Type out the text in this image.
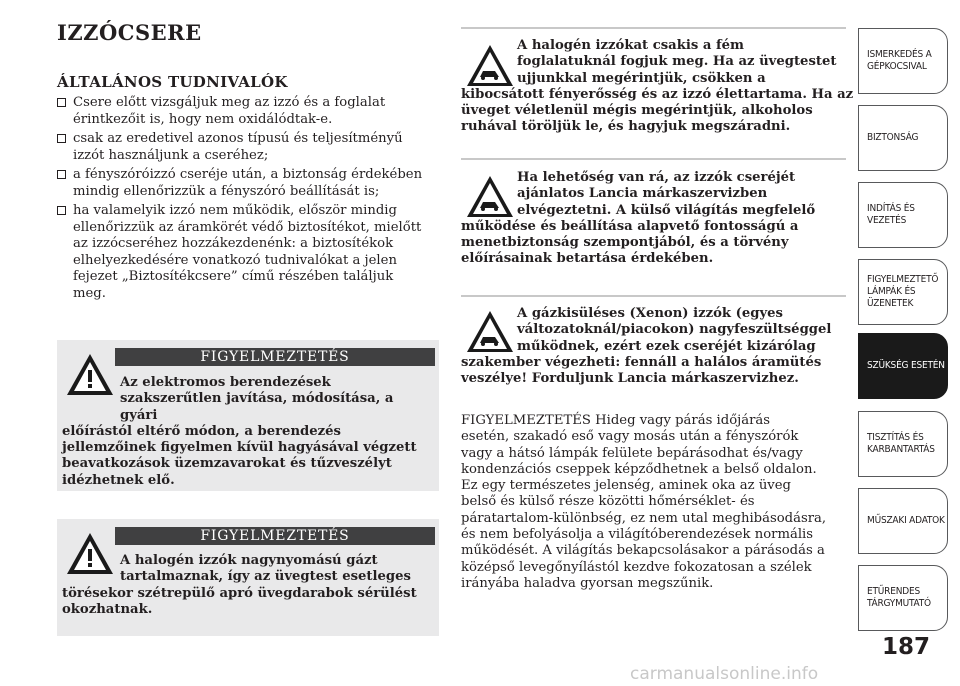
IZZÓCSERE
ÁLTALÁNOS TUDNIVALÓK
Csere előtt vizsgáljuk meg az izzó és a foglalat
érintkezőit is, hogy nem oxidálódtak-e.
csak az eredetivel azonos típusú és teljesítményű
izzót használjunk a cseréhez;
a fényszóróizzó cseréje után, a biztonság érdekében
mindig ellenőrizzük a fényszóró beállítását is;
ha valamelyik izzó nem működik, először mindig
ellenőrizzük az áramkörét védő biztosítékot, mielőtt
az izzócseréhez hozzákezdenénk: a biztosítékok
elhelyezkedésére vonatkozó tudnivalókat a jelen
fejezet „Biztosítékcsere” című részében találjuk
meg.
FIGYELMEZTETÉS
Az elektromos berendezések
szakszerűtlen javítása, módosítása, a gyári
előírástól eltérő módon, a berendezés
jellemzőinek figyelmen kívül hagyásával végzett
beavatkozások üzemzavarokat és tűzveszélyt
idézhetnek elő.
FIGYELMEZTETÉS
A halogén izzók nagynyomású gázt
tartalmaznak, így az üvegtest esetleges
törésekor szétrepülő apró üvegdarabok sérülést
okozhatnak.
A halogén izzókat csakis a fém
foglalatuknál fogjuk meg. Ha az üvegtestet
ujjunkkal megérintjük, csökken a
kibocsátott fényerősség és az izzó élettartama. Ha az
üveget véletlenül mégis megérintjük, alkoholos
ruhával töröljük le, és hagyjuk megszáradni.
Ha lehetőség van rá, az izzók cseréjét
ajánlatos Lancia márkaszervizben
elvégeztetni. A külső világítás megfelelő
működése és beállítása alapvető fontosságú a
menetbiztonság szempontjából, és a törvény
előírásainak betartása érdekében.
A gázkisüléses (Xenon) izzók (egyes
változatoknál/piacokon) nagyfeszültséggel
működnek, ezért ezek cseréjét kizárólag
szakember végezheti: fennáll a halálos áramütés
veszélye! Forduljunk Lancia márkaszervizhez.
FIGYELMEZTETÉS Hideg vagy párás időjárás
esetén, szakadó eső vagy mosás után a fényszórók
vagy a hátsó lámpák felülete bepárásodhat és/vagy
kondenzációs cseppek képződhetnek a belső oldalon.
Ez egy természetes jelenség, aminek oka az üveg
belső és külső része közötti hőmérséklet- és
páratartalom-különbség, ez nem utal meghibásodásra,
és nem befolyásolja a világítóberendezések normális
működését. A világítás bekapcsolásakor a párásodás a
középső levegőnyílástól kezdve fokozatosan a szélek
irányába haladva gyorsan megszűnik.
ISMERKEDÉS A
GÉPKOCSIVAL
BIZTONSÁG
INDÍTÁS ÉS
VEZETÉS
FIGYELMEZTETŐ
LÁMPÁK ÉS
ÜZENETEK
SZÜKSÉG ESETÉN
TISZTÍTÁS ÉS
KARBANTARTÁS
MŰSZAKI ADATOK
ETŰRENDES
TÁRGYMUTATÓ
187
carmanualsonline.info
